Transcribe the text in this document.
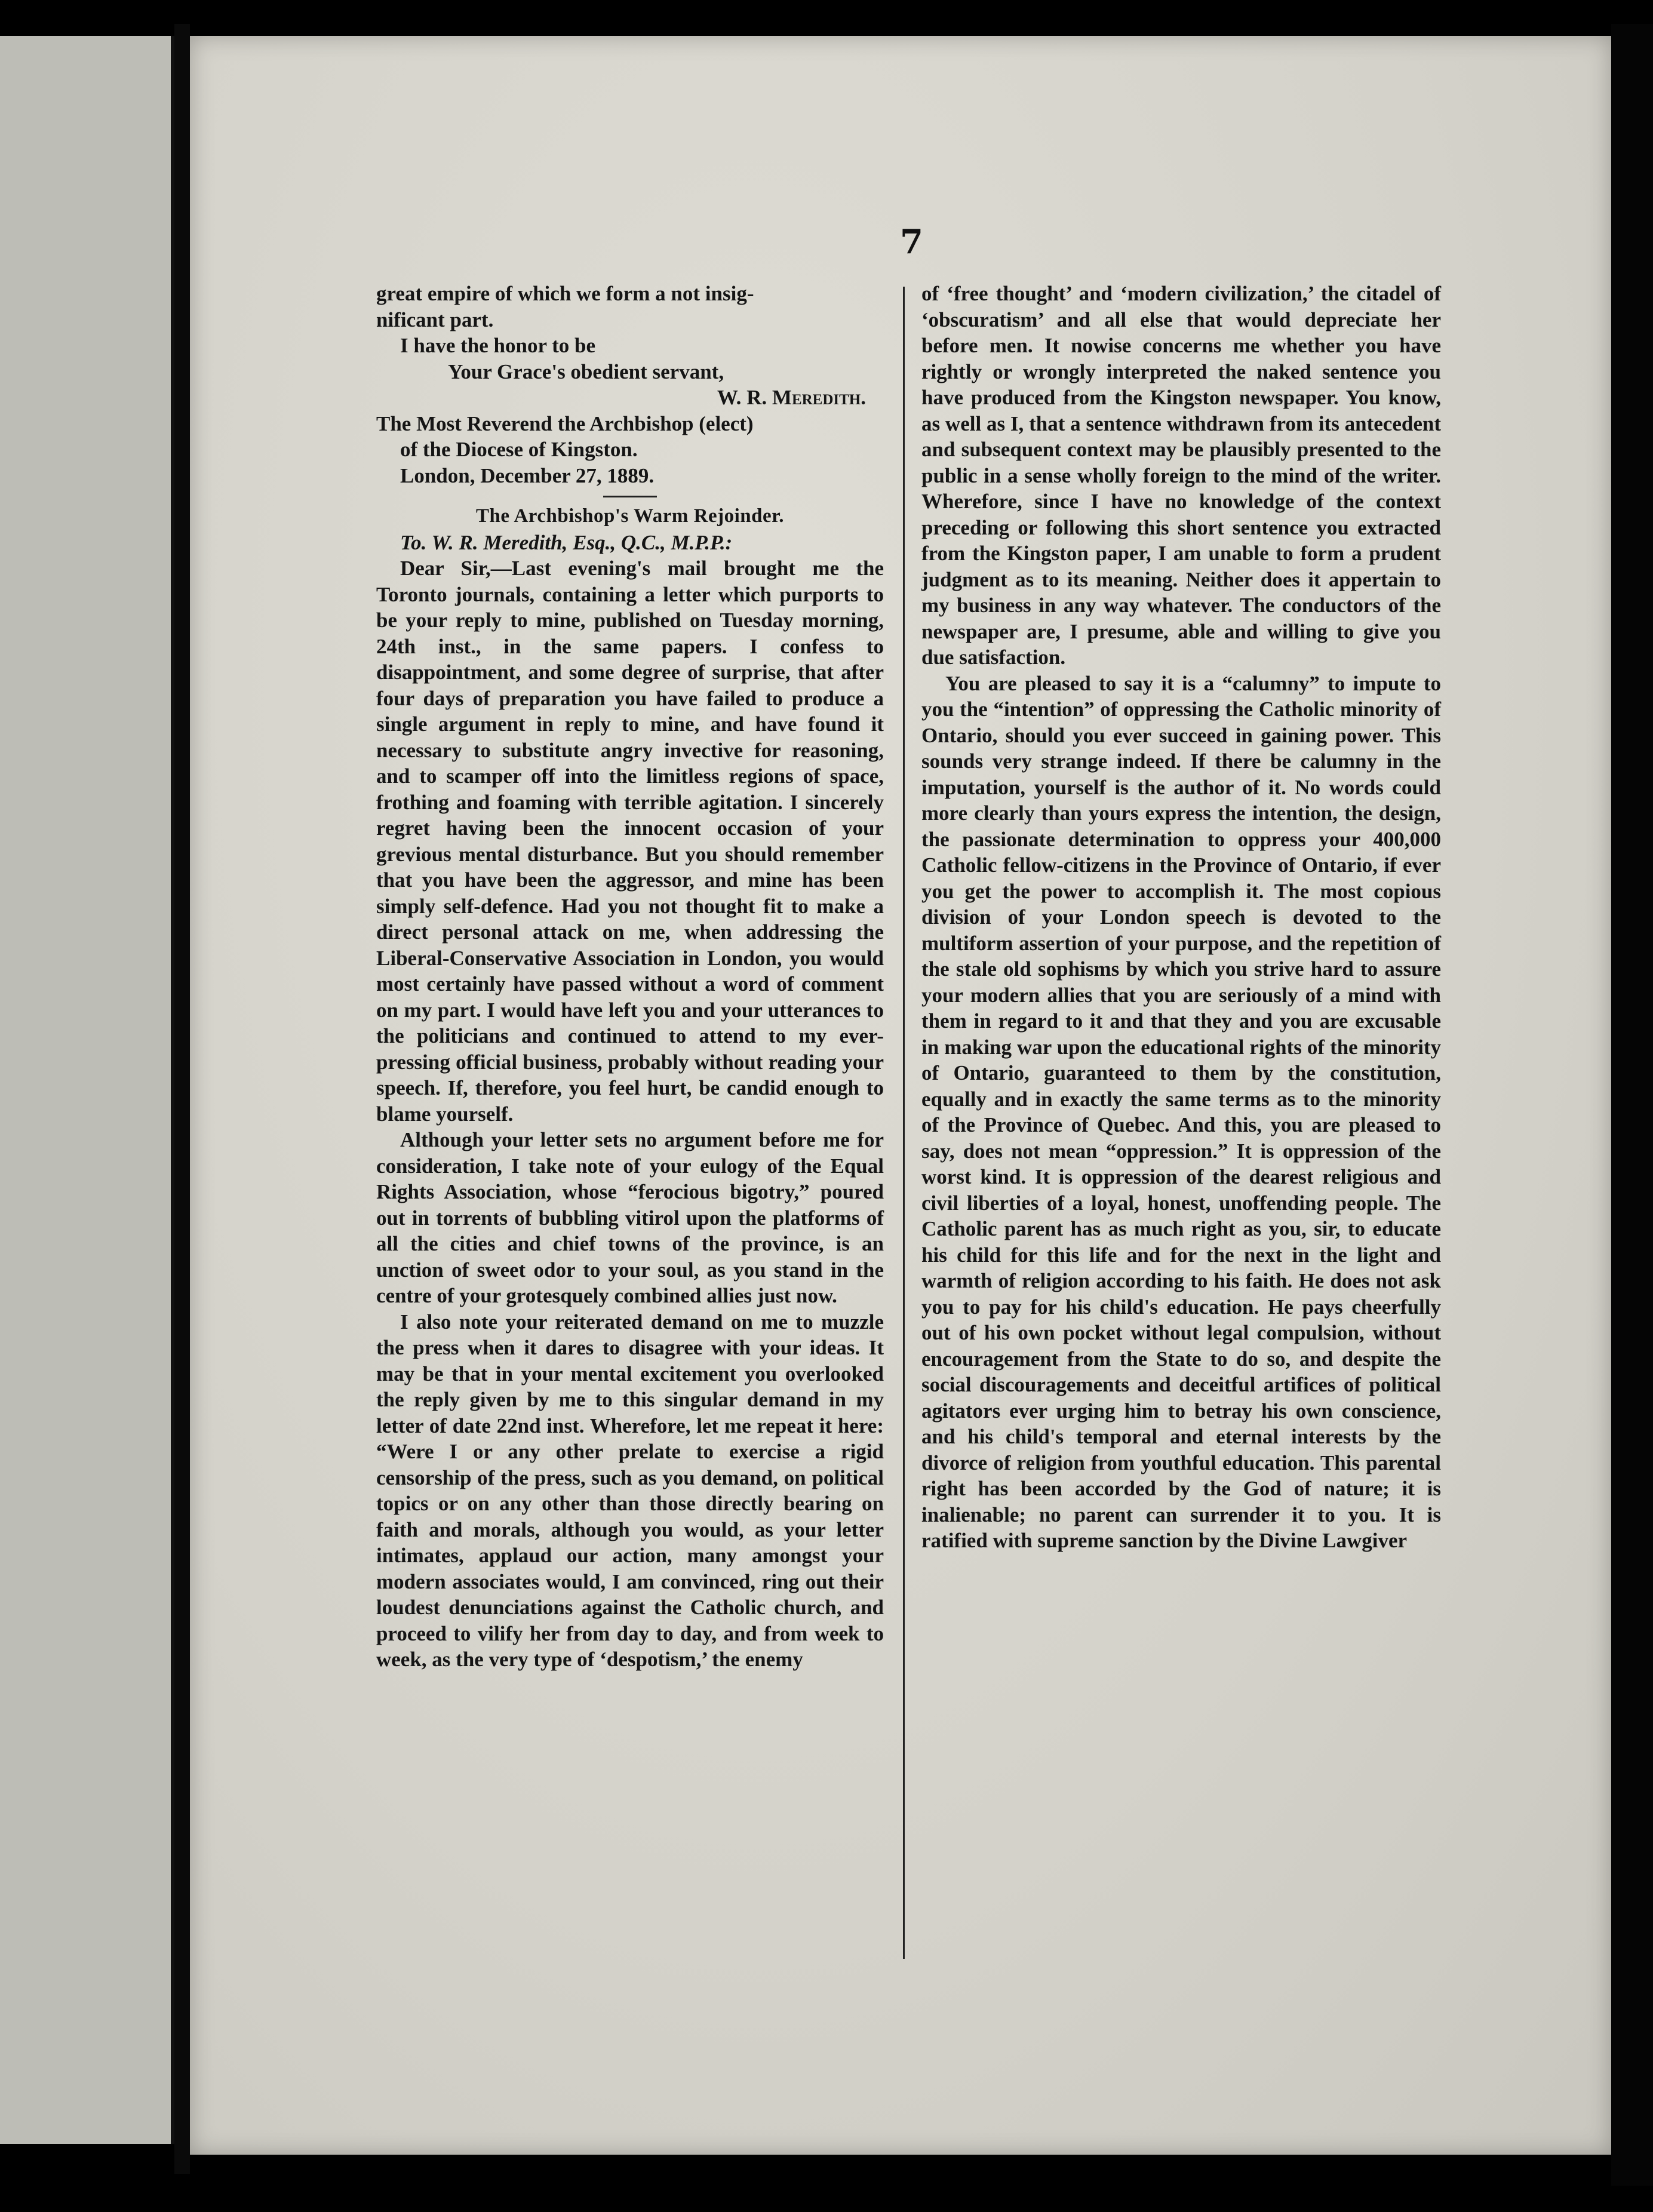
7

great empire of which we form a not insig-
nificant part.

I have the honor to be

Your Grace's obedient servant,

W. R. Meredith.

The Most Reverend the Archbishop (elect)

of the Diocese of Kingston.

London, December 27, 1889.

The Archbishop's Warm Rejoinder.

To. W. R. Meredith, Esq., Q.C., M.P.P.:

Dear Sir,—Last evening's mail brought me the Toronto journals, containing a letter which purports to be your reply to mine, published on Tuesday morning, 24th inst., in the same papers. I confess to disappointment, and some degree of surprise, that after four days of preparation you have failed to produce a single argument in reply to mine, and have found it necessary to substitute angry invective for reasoning, and to scamper off into the limitless regions of space, frothing and foaming with terrible agitation. I sincerely regret having been the innocent occasion of your grevious mental disturbance. But you should remember that you have been the aggressor, and mine has been simply self-defence. Had you not thought fit to make a direct personal attack on me, when addressing the Liberal-Conservative Association in London, you would most certainly have passed without a word of comment on my part. I would have left you and your utterances to the politicians and continued to attend to my ever-pressing official business, probably without reading your speech. If, therefore, you feel hurt, be candid enough to blame yourself.

Although your letter sets no argument before me for consideration, I take note of your eulogy of the Equal Rights Association, whose “ferocious bigotry,” poured out in torrents of bubbling vitirol upon the platforms of all the cities and chief towns of the province, is an unction of sweet odor to your soul, as you stand in the centre of your grotesquely combined allies just now.

I also note your reiterated demand on me to muzzle the press when it dares to disagree with your ideas. It may be that in your mental excitement you overlooked the reply given by me to this singular demand in my letter of date 22nd inst. Wherefore, let me repeat it here: “Were I or any other prelate to exercise a rigid censorship of the press, such as you demand, on political topics or on any other than those directly bearing on faith and morals, although you would, as your letter intimates, applaud our action, many amongst your modern associates would, I am convinced, ring out their loudest denunciations against the Catholic church, and proceed to vilify her from day to day, and from week to week, as the very type of ‘despotism,’ the enemy

of ‘free thought’ and ‘modern civilization,’ the citadel of ‘obscuratism’ and all else that would depreciate her before men. It nowise concerns me whether you have rightly or wrongly interpreted the naked sentence you have produced from the Kingston newspaper. You know, as well as I, that a sentence withdrawn from its antecedent and subsequent context may be plausibly presented to the public in a sense wholly foreign to the mind of the writer. Wherefore, since I have no knowledge of the context preceding or following this short sentence you extracted from the Kingston paper, I am unable to form a prudent judgment as to its meaning. Neither does it appertain to my business in any way whatever. The conductors of the newspaper are, I presume, able and willing to give you due satisfaction.

You are pleased to say it is a “calumny” to impute to you the “intention” of oppressing the Catholic minority of Ontario, should you ever succeed in gaining power. This sounds very strange indeed. If there be calumny in the imputation, yourself is the author of it. No words could more clearly than yours express the intention, the design, the passionate determination to oppress your 400,000 Catholic fellow-citizens in the Province of Ontario, if ever you get the power to accomplish it. The most copious division of your London speech is devoted to the multiform assertion of your purpose, and the repetition of the stale old sophisms by which you strive hard to assure your modern allies that you are seriously of a mind with them in regard to it and that they and you are excusable in making war upon the educational rights of the minority of Ontario, guaranteed to them by the constitution, equally and in exactly the same terms as to the minority of the Province of Quebec. And this, you are pleased to say, does not mean “oppression.” It is oppression of the worst kind. It is oppression of the dearest religious and civil liberties of a loyal, honest, unoffending people. The Catholic parent has as much right as you, sir, to educate his child for this life and for the next in the light and warmth of religion according to his faith. He does not ask you to pay for his child's education. He pays cheerfully out of his own pocket without legal compulsion, without encouragement from the State to do so, and despite the social discouragements and deceitful artifices of political agitators ever urging him to betray his own conscience, and his child's temporal and eternal interests by the divorce of religion from youthful education. This parental right has been accorded by the God of nature; it is inalienable; no parent can surrender it to you. It is ratified with supreme sanction by the Divine Lawgiver
